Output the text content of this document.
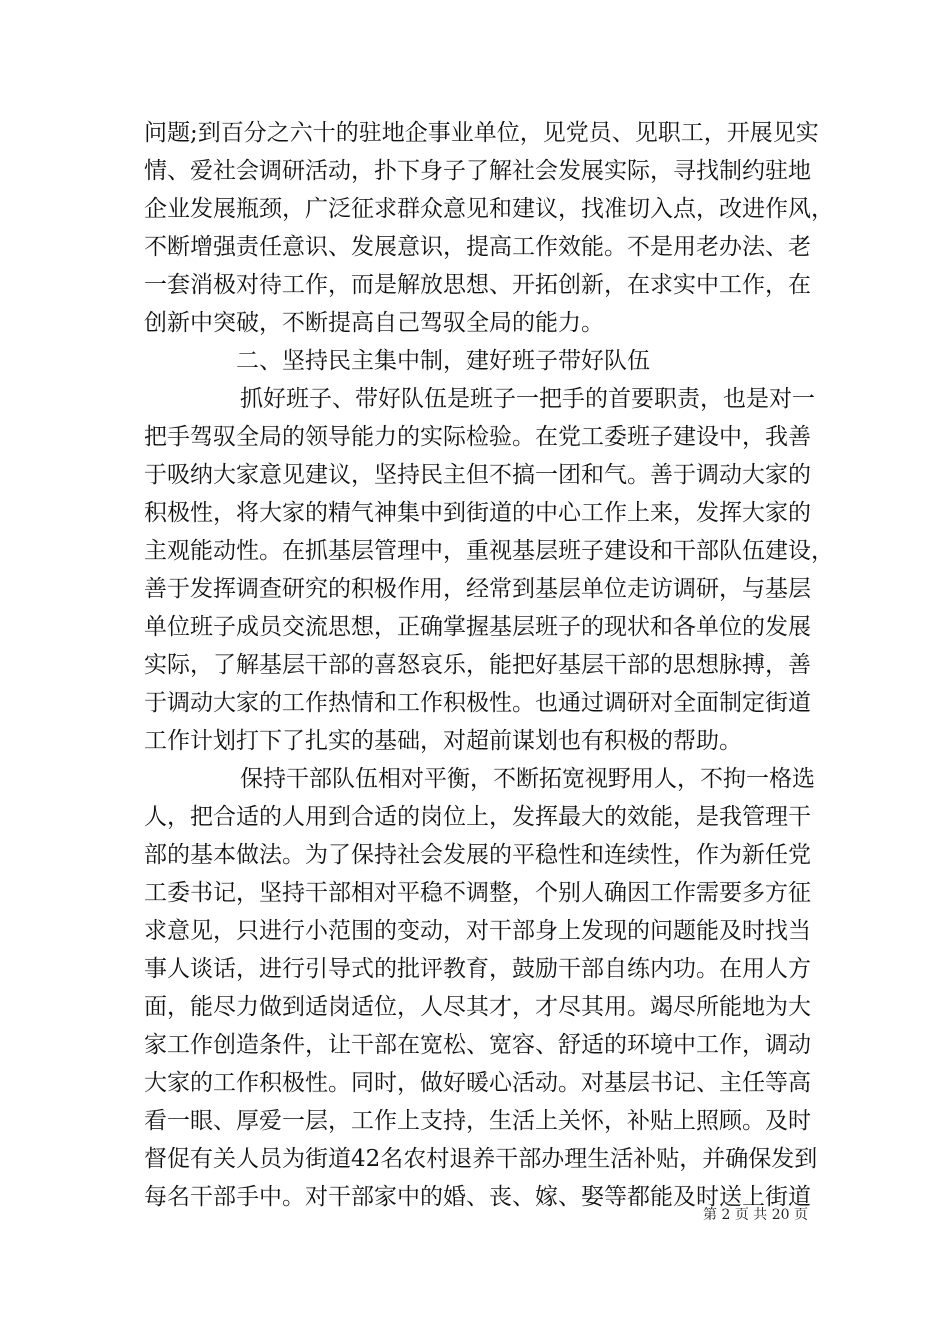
问题;到百分之六十的驻地企事业单位，见党员、见职工，开展见实
情、爱社会调研活动，扑下身子了解社会发展实际，寻找制约驻地
企业发展瓶颈，广泛征求群众意见和建议，找准切入点，改进作风，
不断增强责任意识、发展意识，提高工作效能。不是用老办法、老
一套消极对待工作，而是解放思想、开拓创新，在求实中工作，在
创新中突破，不断提高自己驾驭全局的能力。
二、坚持民主集中制，建好班子带好队伍
抓好班子、带好队伍是班子一把手的首要职责，也是对一
把手驾驭全局的领导能力的实际检验。在党工委班子建设中，我善
于吸纳大家意见建议，坚持民主但不搞一团和气。善于调动大家的
积极性，将大家的精气神集中到街道的中心工作上来，发挥大家的
主观能动性。在抓基层管理中，重视基层班子建设和干部队伍建设，
善于发挥调查研究的积极作用，经常到基层单位走访调研，与基层
单位班子成员交流思想，正确掌握基层班子的现状和各单位的发展
实际，了解基层干部的喜怒哀乐，能把好基层干部的思想脉搏，善
于调动大家的工作热情和工作积极性。也通过调研对全面制定街道
工作计划打下了扎实的基础，对超前谋划也有积极的帮助。
保持干部队伍相对平衡，不断拓宽视野用人，不拘一格选
人，把合适的人用到合适的岗位上，发挥最大的效能，是我管理干
部的基本做法。为了保持社会发展的平稳性和连续性，作为新任党
工委书记，坚持干部相对平稳不调整，个别人确因工作需要多方征
求意见，只进行小范围的变动，对干部身上发现的问题能及时找当
事人谈话，进行引导式的批评教育，鼓励干部自练内功。在用人方
面，能尽力做到适岗适位，人尽其才，才尽其用。竭尽所能地为大
家工作创造条件，让干部在宽松、宽容、舒适的环境中工作，调动
大家的工作积极性。同时，做好暖心活动。对基层书记、主任等高
看一眼、厚爱一层，工作上支持，生活上关怀，补贴上照顾。及时
督促有关人员为街道42名农村退养干部办理生活补贴，并确保发到
每名干部手中。对干部家中的婚、丧、嫁、娶等都能及时送上街道
第 2 页 共 20 页
